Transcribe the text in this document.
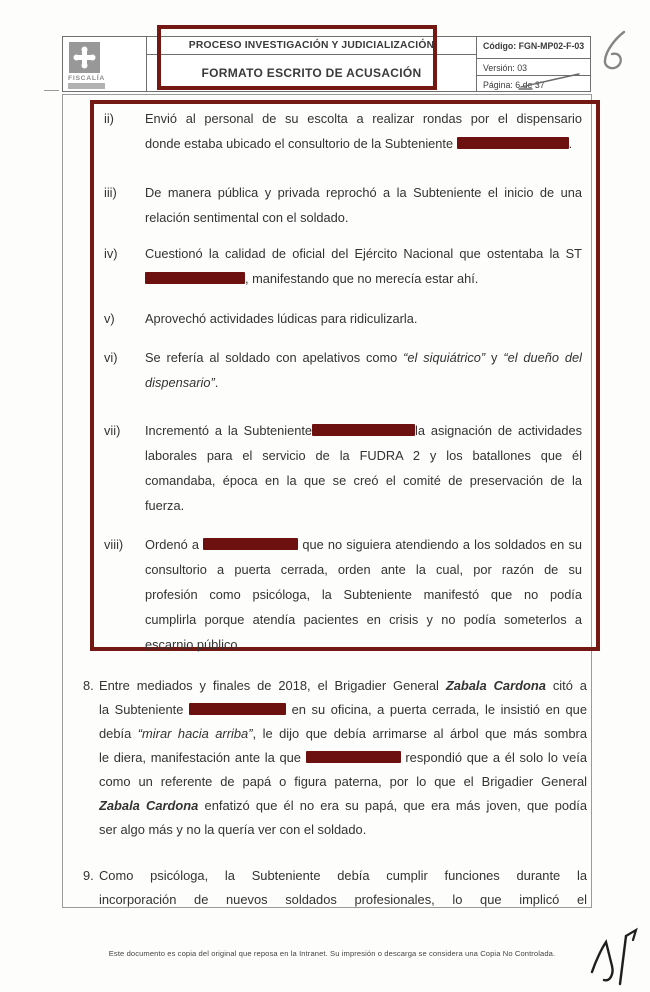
FISCALÍA
PROCESO INVESTIGACIÓN Y JUDICIALIZACIÓN
FORMATO ESCRITO DE ACUSACIÓN
Código: FGN-MP02-F-03
Versión: 03
Página: 6 de 37
ii) Envió al personal de su escolta a realizar rondas por el dispensario
donde estaba ubicado el consultorio de la Subteniente	.
iii) De manera pública y privada reprochó a la Subteniente el inicio de una
relación sentimental con el soldado.
iv) Cuestionó la calidad de oficial del Ejército Nacional que ostentaba la ST
, manifestando que no merecía estar ahí.
v) Aprovechó actividades lúdicas para ridiculizarla.
vi) Se refería al soldado con apelativos como “el siquiátrico” y “el dueño del
dispensario”.
vii) Incrementó a la Subteniente	la asignación de actividades
laborales para el servicio de la FUDRA 2 y los batallones que él
comandaba, época en la que se creó el comité de preservación de la
fuerza.
viii) Ordenó a	que no siguiera atendiendo a los soldados en su
consultorio a puerta cerrada, orden ante la cual, por razón de su
profesión como psicóloga, la Subteniente manifestó que no podía
cumplirla porque atendía pacientes en crisis y no podía someterlos a
escarnio público.
8. Entre mediados y finales de 2018, el Brigadier General Zabala Cardona citó a
la Subteniente	en su oficina, a puerta cerrada, le insistió en que
debía “mirar hacia arriba”, le dijo que debía arrimarse al árbol que más sombra
le diera, manifestación ante la que	respondió que a él solo lo veía
como un referente de papá o figura paterna, por lo que el Brigadier General
Zabala Cardona enfatizó que él no era su papá, que era más joven, que podía
ser algo más y no la quería ver con el soldado.
9. Como psicóloga, la Subteniente debía cumplir funciones durante la
incorporación de nuevos soldados profesionales, lo que implicó el
Este documento es copia del original que reposa en la Intranet. Su impresión o descarga se considera una Copia No Controlada.
